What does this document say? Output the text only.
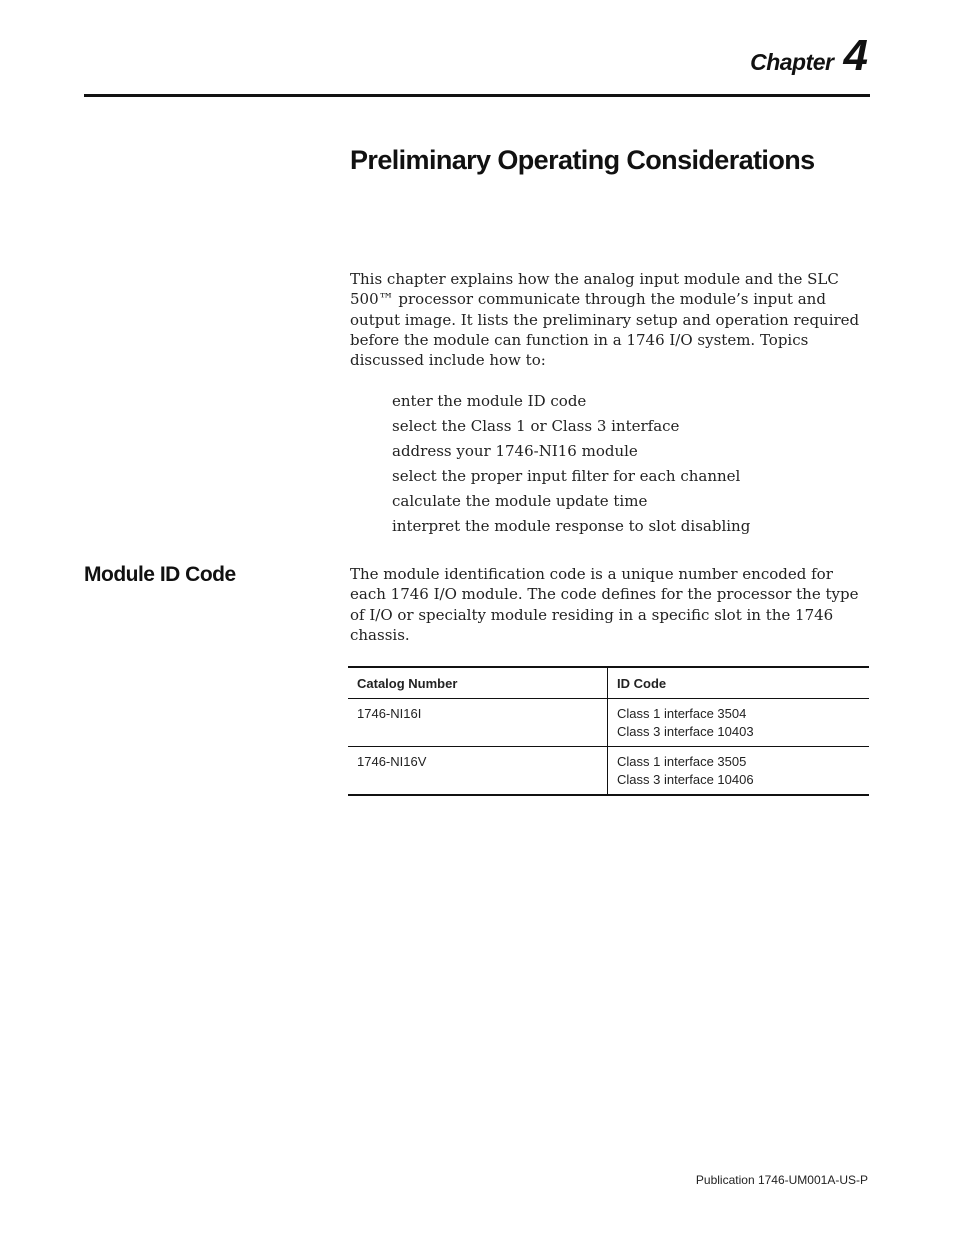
Chapter 4
Preliminary Operating Considerations

This chapter explains how the analog input module and the SLC 500™ processor communicate through the module’s input and output image. It lists the preliminary setup and operation required before the module can function in a 1746 I/O system. Topics discussed include how to:

enter the module ID code
select the Class 1 or Class 3 interface
address your 1746-NI16 module
select the proper input filter for each channel
calculate the module update time
interpret the module response to slot disabling
Module ID Code	The module identification code is a unique number encoded for each 1746 I/O module. The code defines for the processor the type of I/O or specialty module residing in a specific slot in the 1746 chassis.

Catalog Number	ID Code
1746-NI16I	Class 1 interface 3504
Class 3 interface 10403

1746-NI16V	Class 1 interface 3505
Class 3 interface 10406
Publication 1746-UM001A-US-P
